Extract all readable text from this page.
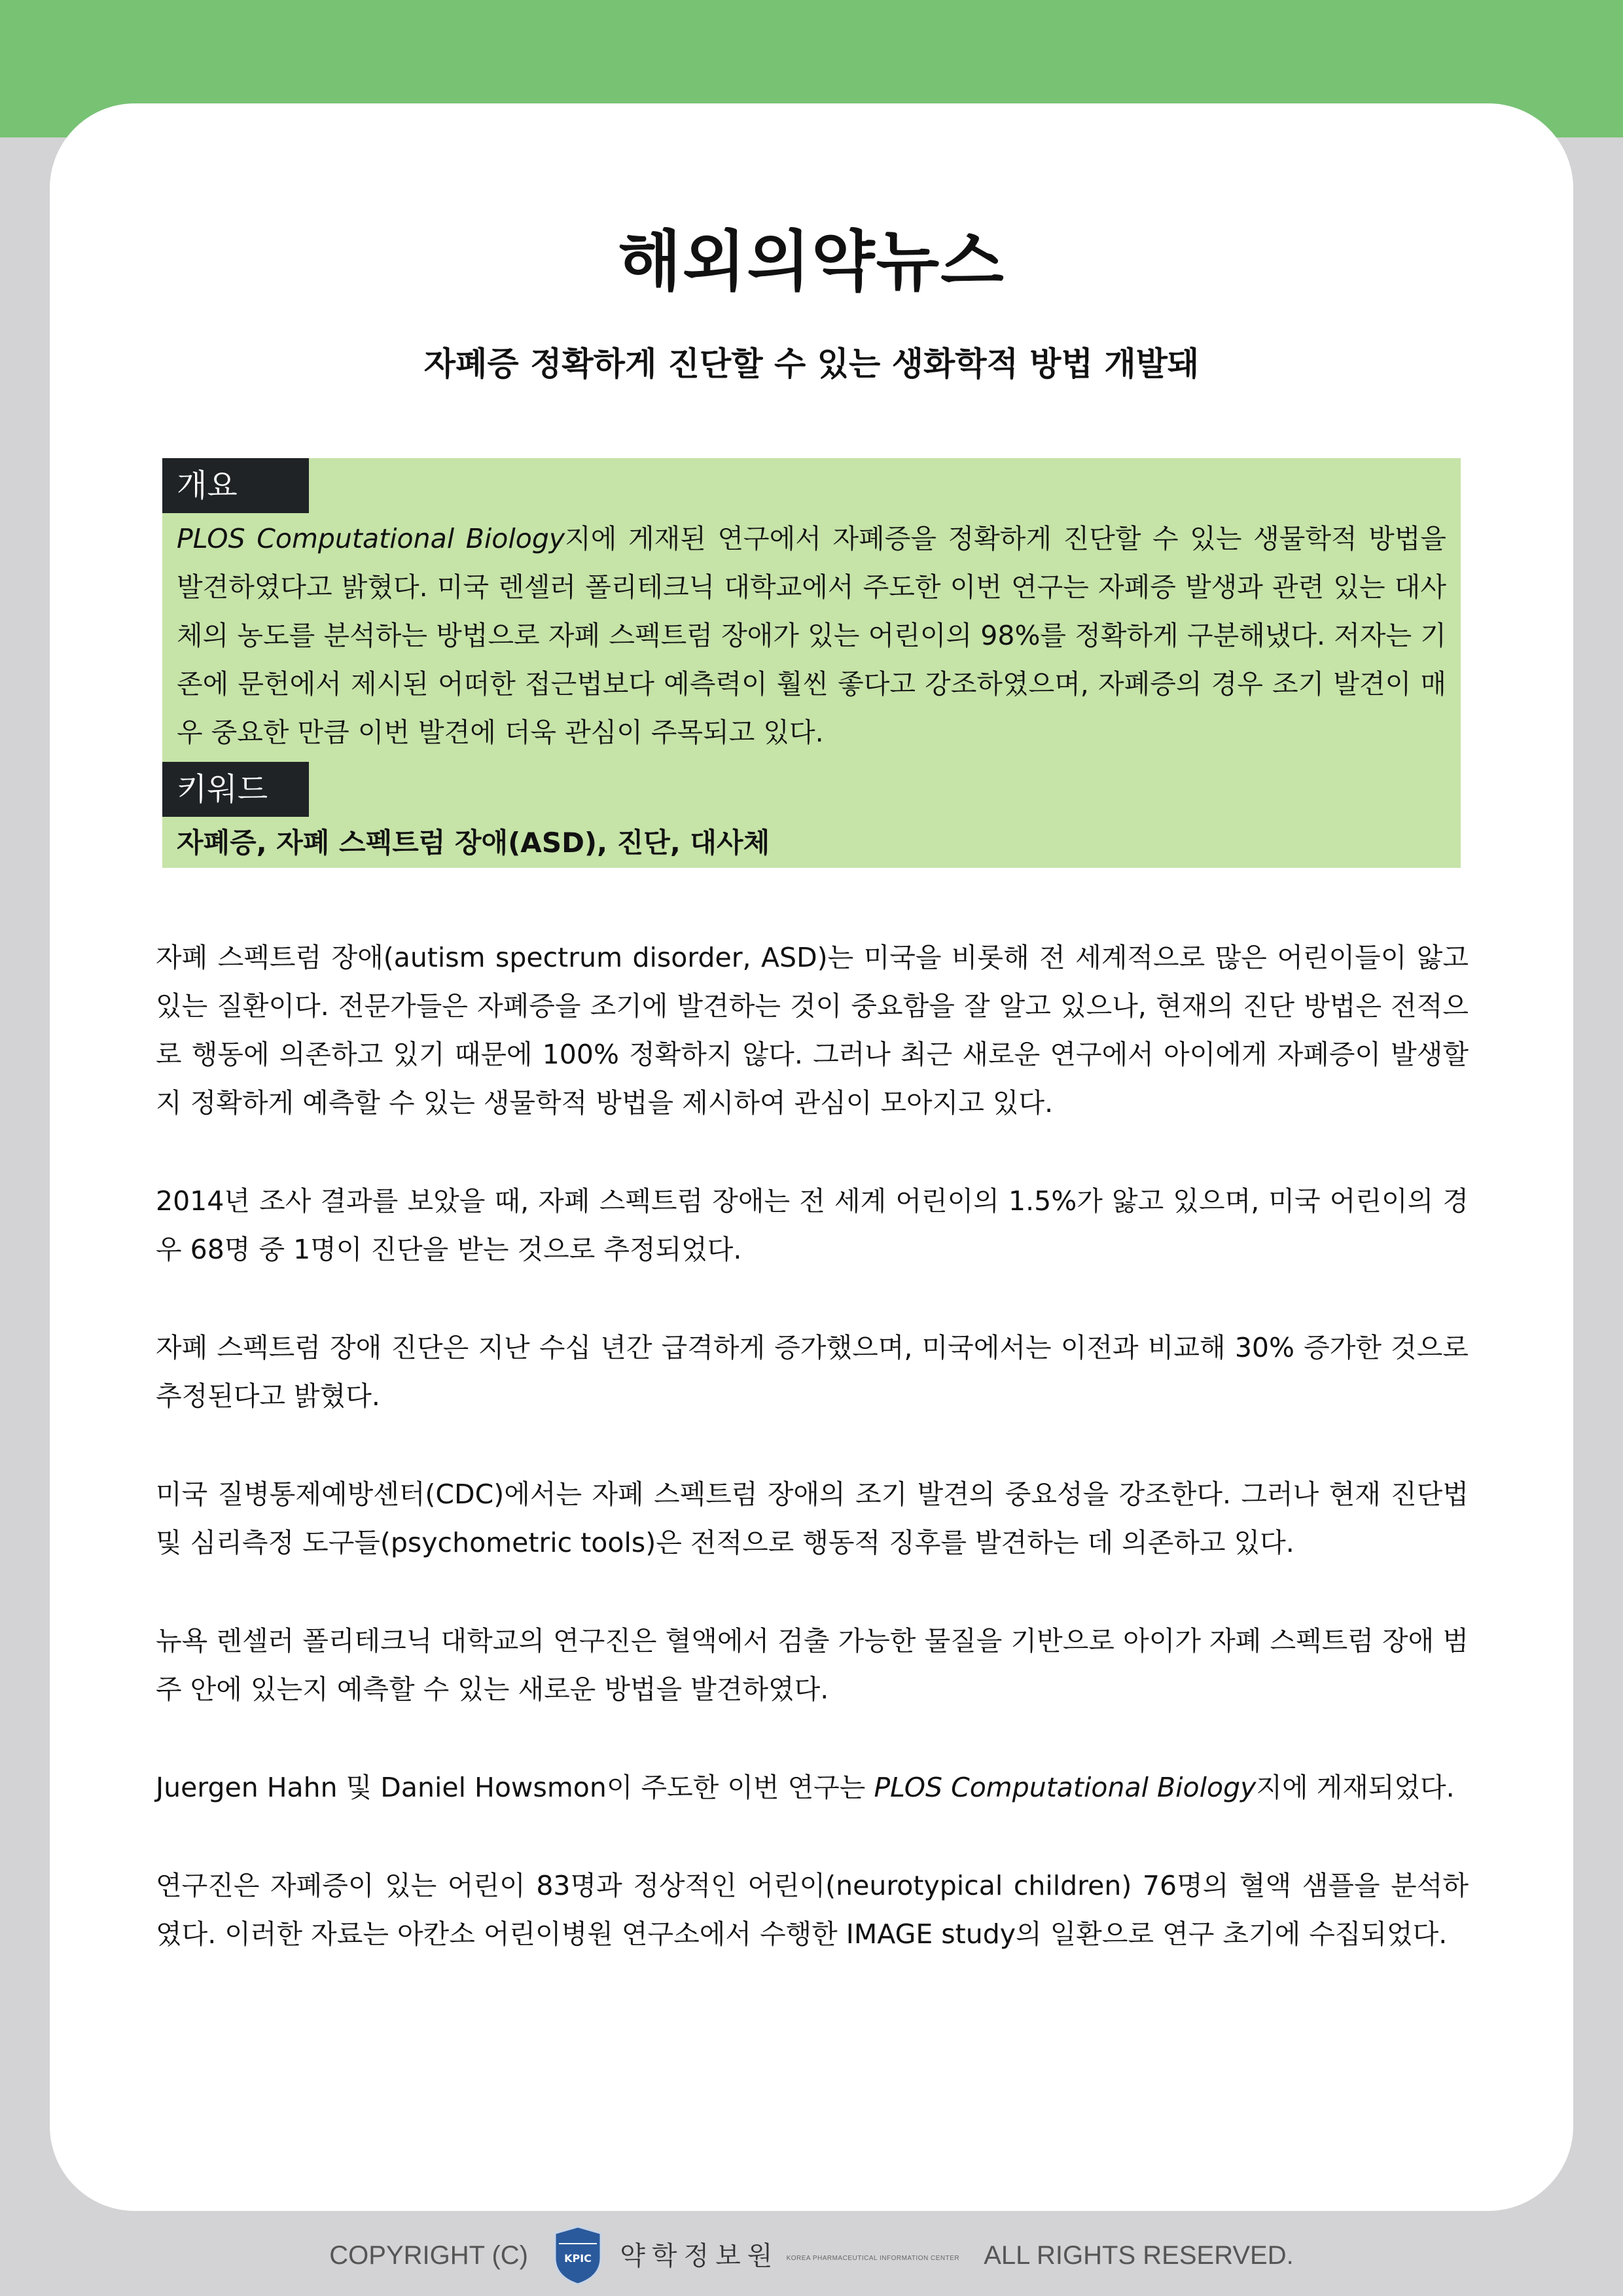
해외의약뉴스
자폐증 정확하게 진단할 수 있는 생화학적 방법 개발돼
개요

PLOS Computational Biology지에 게재된 연구에서 자폐증을 정확하게 진단할 수 있는 생물학적 방법을 발견하였다고 밝혔다. 미국 렌셀러 폴리테크닉 대학교에서 주도한 이번 연구는 자폐증 발생과 관련 있는 대사체의 농도를 분석하는 방법으로 자폐 스펙트럼 장애가 있는 어린이의 98%를 정확하게 구분해냈다. 저자는 기존에 문헌에서 제시된 어떠한 접근법보다 예측력이 훨씬 좋다고 강조하였으며, 자폐증의 경우 조기 발견이 매우 중요한 만큼 이번 발견에 더욱 관심이 주목되고 있다.

키워드

자폐증, 자폐 스펙트럼 장애(ASD), 진단, 대사체

자폐 스펙트럼 장애(autism spectrum disorder, ASD)는 미국을 비롯해 전 세계적으로 많은 어린이들이 앓고 있는 질환이다. 전문가들은 자폐증을 조기에 발견하는 것이 중요함을 잘 알고 있으나, 현재의 진단 방법은 전적으로 행동에 의존하고 있기 때문에 100% 정확하지 않다. 그러나 최근 새로운 연구에서 아이에게 자폐증이 발생할지 정확하게 예측할 수 있는 생물학적 방법을 제시하여 관심이 모아지고 있다.

2014년 조사 결과를 보았을 때, 자폐 스펙트럼 장애는 전 세계 어린이의 1.5%가 앓고 있으며, 미국 어린이의 경우 68명 중 1명이 진단을 받는 것으로 추정되었다.

자폐 스펙트럼 장애 진단은 지난 수십 년간 급격하게 증가했으며, 미국에서는 이전과 비교해 30% 증가한 것으로 추정된다고 밝혔다.

미국 질병통제예방센터(CDC)에서는 자폐 스펙트럼 장애의 조기 발견의 중요성을 강조한다. 그러나 현재 진단법 및 심리측정 도구들(psychometric tools)은 전적으로 행동적 징후를 발견하는 데 의존하고 있다.

뉴욕 렌셀러 폴리테크닉 대학교의 연구진은 혈액에서 검출 가능한 물질을 기반으로 아이가 자폐 스펙트럼 장애 범주 안에 있는지 예측할 수 있는 새로운 방법을 발견하였다.

Juergen Hahn 및 Daniel Howsmon이 주도한 이번 연구는 PLOS Computational Biology지에 게재되었다.

연구진은 자폐증이 있는 어린이 83명과 정상적인 어린이(neurotypical children) 76명의 혈액 샘플을 분석하였다. 이러한 자료는 아칸소 어린이병원 연구소에서 수행한 IMAGE study의 일환으로 연구 초기에 수집되었다.

COPYRIGHT (C)	KPIC 약학정보원 KOREA PHARMACEUTICAL INFORMATION CENTER ALL RIGHTS RESERVED.
